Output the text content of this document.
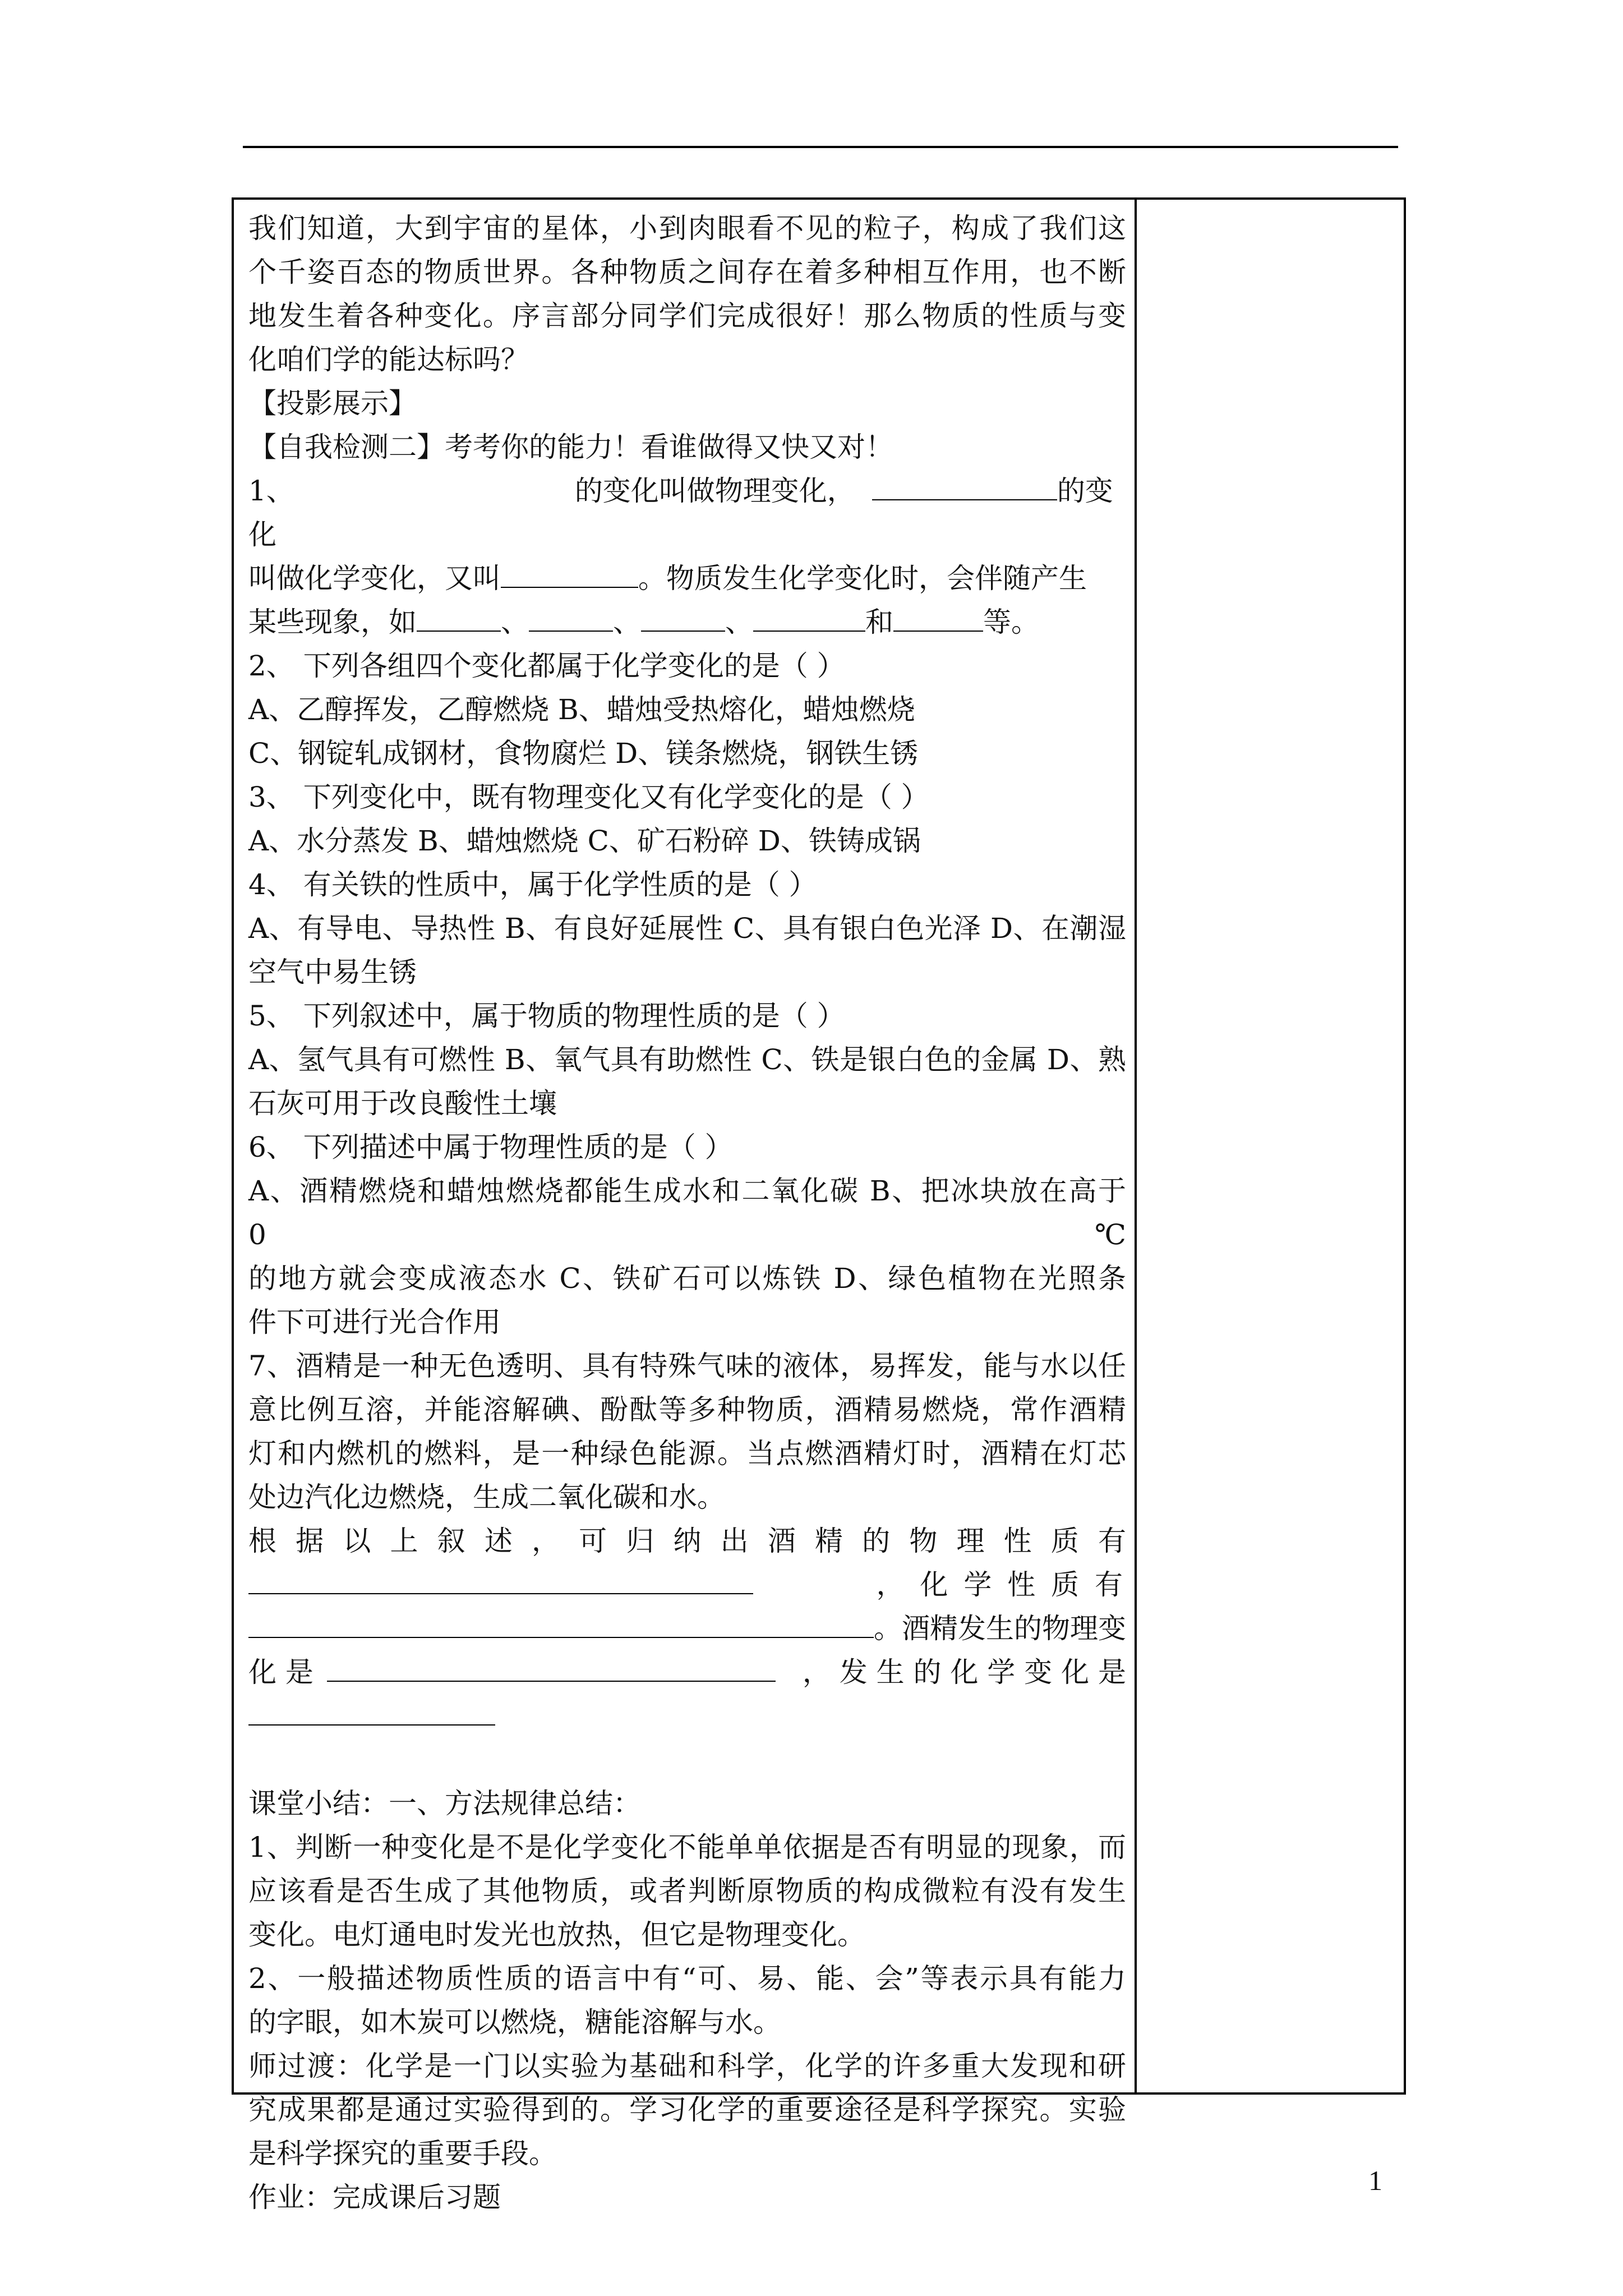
我们知道，大到宇宙的星体，小到肉眼看不见的粒子，构成了我们这

个千姿百态的物质世界。各种物质之间存在着多种相互作用，也不断

地发生着各种变化。序言部分同学们完成很好！那么物质的性质与变

化咱们学的能达标吗？

【投影展示】

【自我检测二】考考你的能力！看谁做得又快又对！

1、	的变化叫做物理变化，	的变化

叫做化学变化，又叫	。物质发生化学变化时，会伴随产生

某些现象，如	、	、	、	和	等。

2、 下列各组四个变化都属于化学变化的是（ ）

A、乙醇挥发，乙醇燃烧 B、蜡烛受热熔化，蜡烛燃烧

C、钢锭轧成钢材，食物腐烂 D、镁条燃烧，钢铁生锈

3、 下列变化中，既有物理变化又有化学变化的是（ ）

A、水分蒸发 B、蜡烛燃烧 C、矿石粉碎 D、铁铸成锅

4、 有关铁的性质中，属于化学性质的是（ ）

A、有导电、导热性 B、有良好延展性 C、具有银白色光泽 D、在潮湿

空气中易生锈

5、 下列叙述中，属于物质的物理性质的是（ ）

A、氢气具有可燃性 B、氧气具有助燃性 C、铁是银白色的金属 D、熟

石灰可用于改良酸性土壤

6、 下列描述中属于物理性质的是（ ）

A、酒精燃烧和蜡烛燃烧都能生成水和二氧化碳 B、把冰块放在高于 0℃

的地方就会变成液态水 C、铁矿石可以炼铁 D、绿色植物在光照条

件下可进行光合作用

7、酒精是一种无色透明、具有特殊气味的液体，易挥发，能与水以任

意比例互溶，并能溶解碘、酚酞等多种物质，酒精易燃烧，常作酒精

灯和内燃机的燃料，是一种绿色能源。当点燃酒精灯时，酒精在灯芯

处边汽化边燃烧，生成二氧化碳和水。

根 据 以 上 叙 述 ， 可 归 纳 出 酒 精 的 物 理 性 质 有

， 化 学 性 质 有

。酒精发生的物理变

化 是	， 发 生 的 化 学 变 化 是

课堂小结：一、方法规律总结：

1、判断一种变化是不是化学变化不能单单依据是否有明显的现象，而

应该看是否生成了其他物质，或者判断原物质的构成微粒有没有发生

变化。电灯通电时发光也放热，但它是物理变化。

2、一般描述物质性质的语言中有“可、易、能、会”等表示具有能力

的字眼，如木炭可以燃烧，糖能溶解与水。

师过渡：化学是一门以实验为基础和科学，化学的许多重大发现和研

究成果都是通过实验得到的。学习化学的重要途径是科学探究。实验

是科学探究的重要手段。

作业：完成课后习题

1
